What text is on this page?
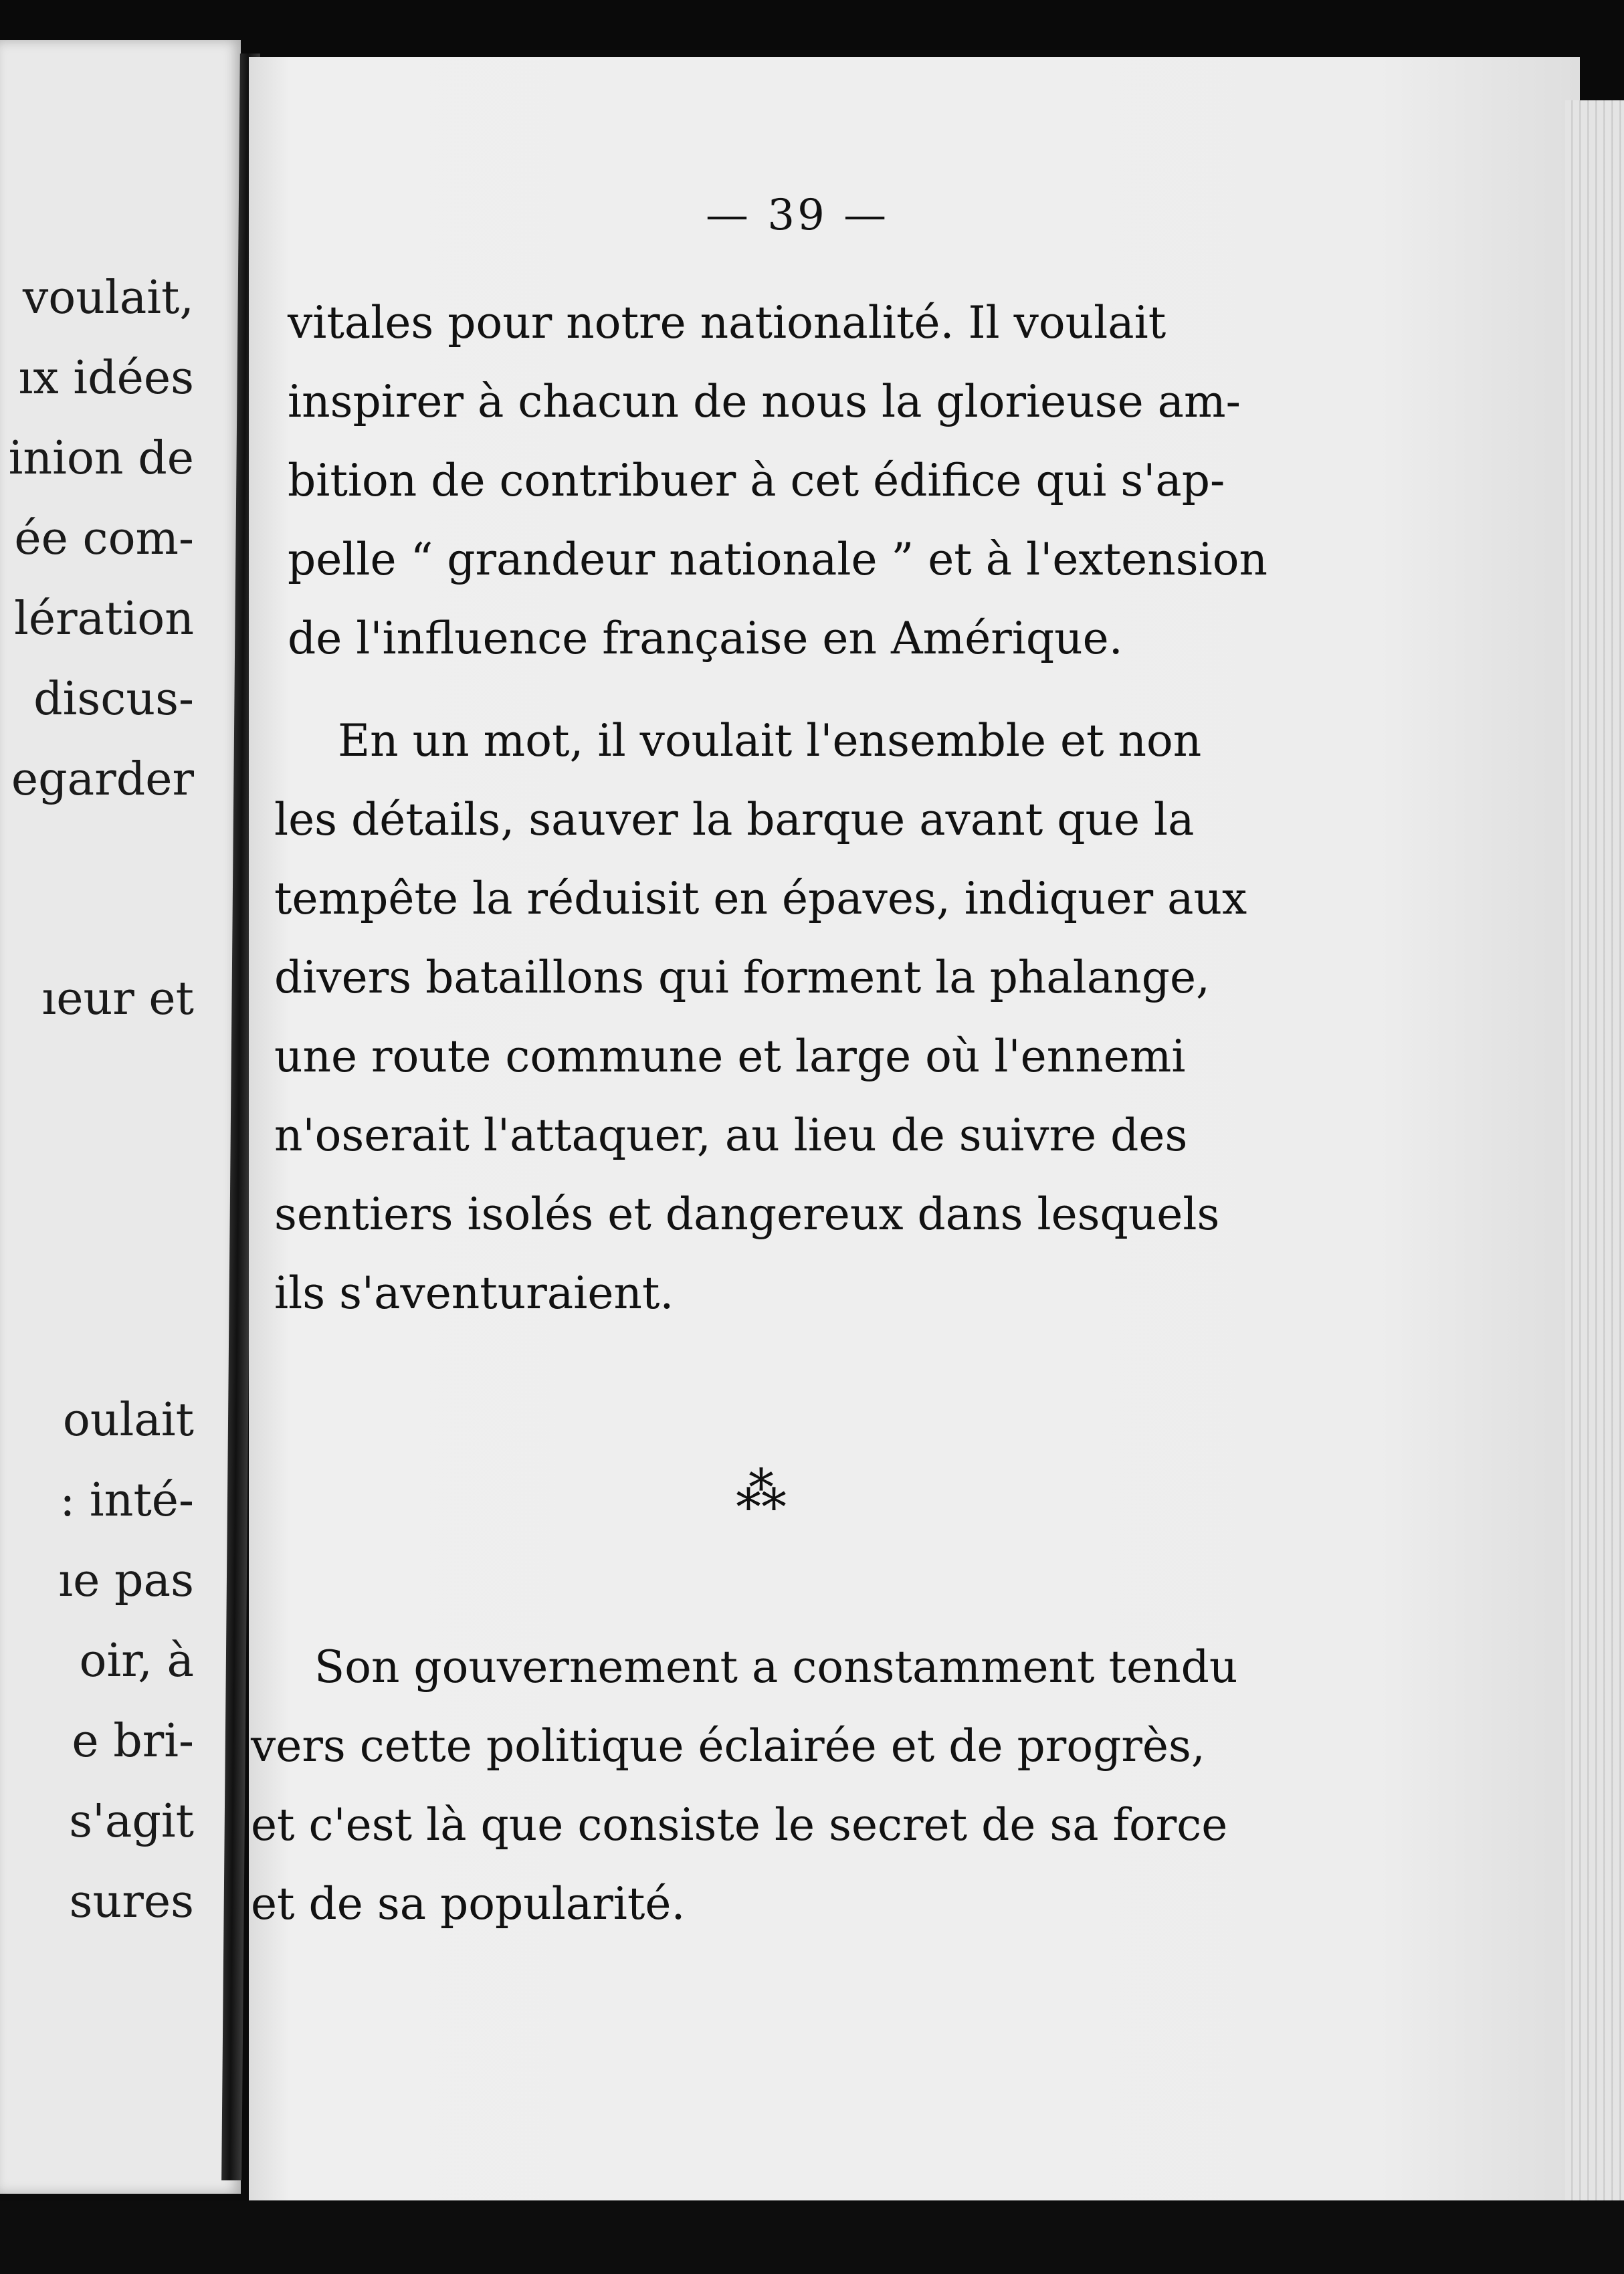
voulait,
ıx idées
inion de
ée com-
lération
discus-
egarder
ıeur et
oulait
: inté-
ıe pas
oir, à
e bri-
s'agit
sures
— 39 —
vitales pour notre nationalité. Il voulait
inspirer à chacun de nous la glorieuse am-
bition de contribuer à cet édifice qui s'ap-
pelle “ grandeur nationale ” et à l'extension
de l'influence française en Amérique.
En un mot, il voulait l'ensemble et non
les détails, sauver la barque avant que la
tempête la réduisit en épaves, indiquer aux
divers bataillons qui forment la phalange,
une route commune et large où l'ennemi
n'oserait l'attaquer, au lieu de suivre des
sentiers isolés et dangereux dans lesquels
ils s'aventuraient.
⁂
Son gouvernement a constamment tendu
vers cette politique éclairée et de progrès,
et c'est là que consiste le secret de sa force
et de sa popularité.
